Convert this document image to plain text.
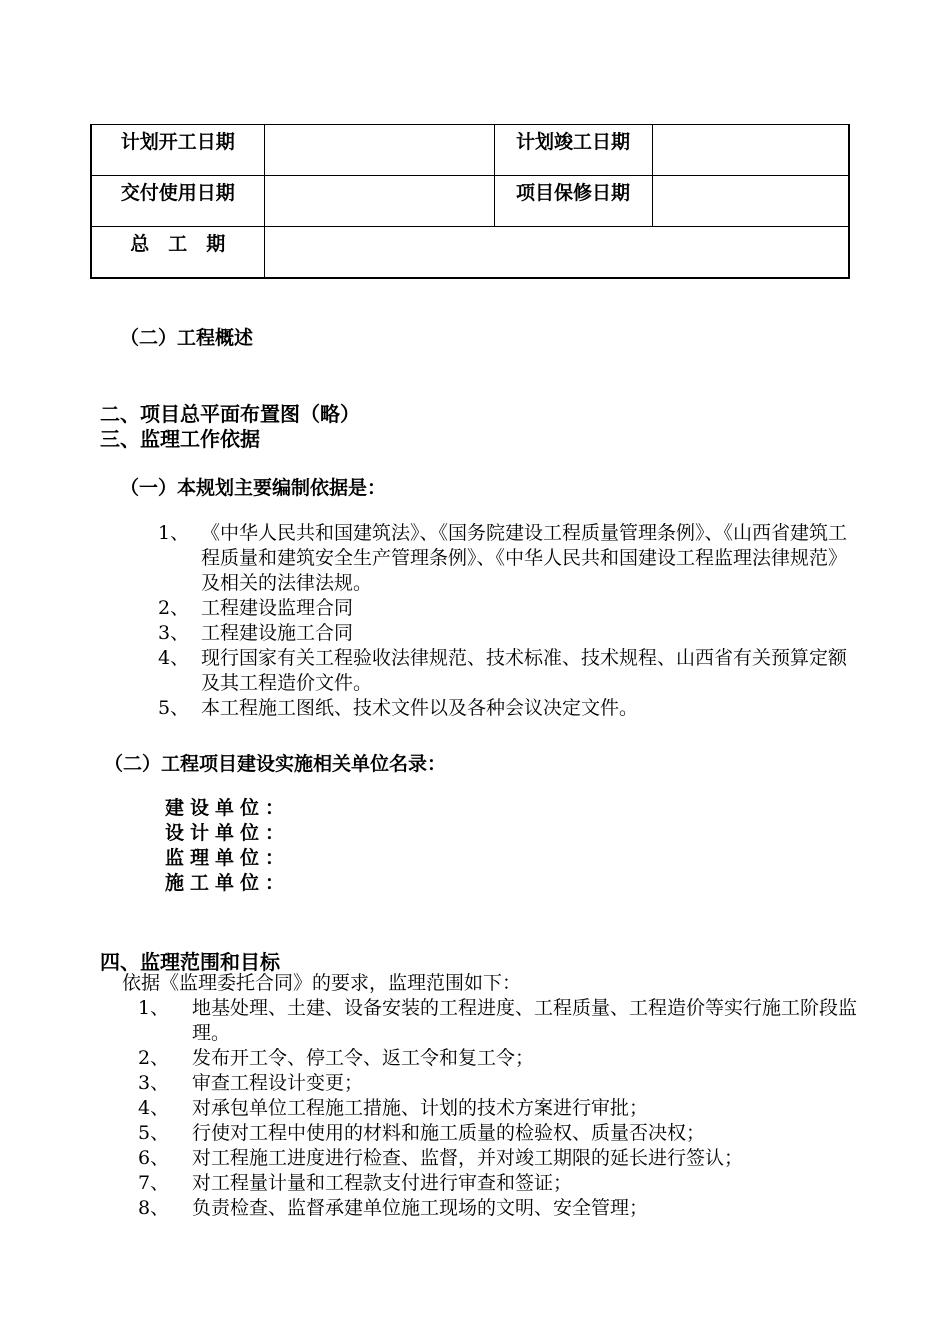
计划开工日期		计划竣工日期	
交付使用日期		项目保修日期	
总　工　期			
（二）工程概述
二、项目总平面布置图（略）
三、监理工作依据
（一）本规划主要编制依据是：
1、 《中华人民共和国建筑法》、《国务院建设工程质量管理条例》、《山西省建筑工程质量和建筑安全生产管理条例》、《中华人民共和国建设工程监理法律规范》及相关的法律法规。
2、 工程建设监理合同
3、 工程建设施工合同
4、 现行国家有关工程验收法律规范、技术标准、技术规程、山西省有关预算定额及其工程造价文件。
5、 本工程施工图纸、技术文件以及各种会议决定文件。
（二）工程项目建设实施相关单位名录：
建设单位：
设计单位：
监理单位：
施工单位：
四、监理范围和目标
依据《监理委托合同》的要求，监理范围如下：
1、 地基处理、土建、设备安装的工程进度、工程质量、工程造价等实行施工阶段监理。
2、 发布开工令、停工令、返工令和复工令；
3、 审查工程设计变更；
4、 对承包单位工程施工措施、计划的技术方案进行审批；
5、 行使对工程中使用的材料和施工质量的检验权、质量否决权；
6、 对工程施工进度进行检查、监督，并对竣工期限的延长进行签认；
7、 对工程量计量和工程款支付进行审查和签证；
8、 负责检查、监督承建单位施工现场的文明、安全管理；
